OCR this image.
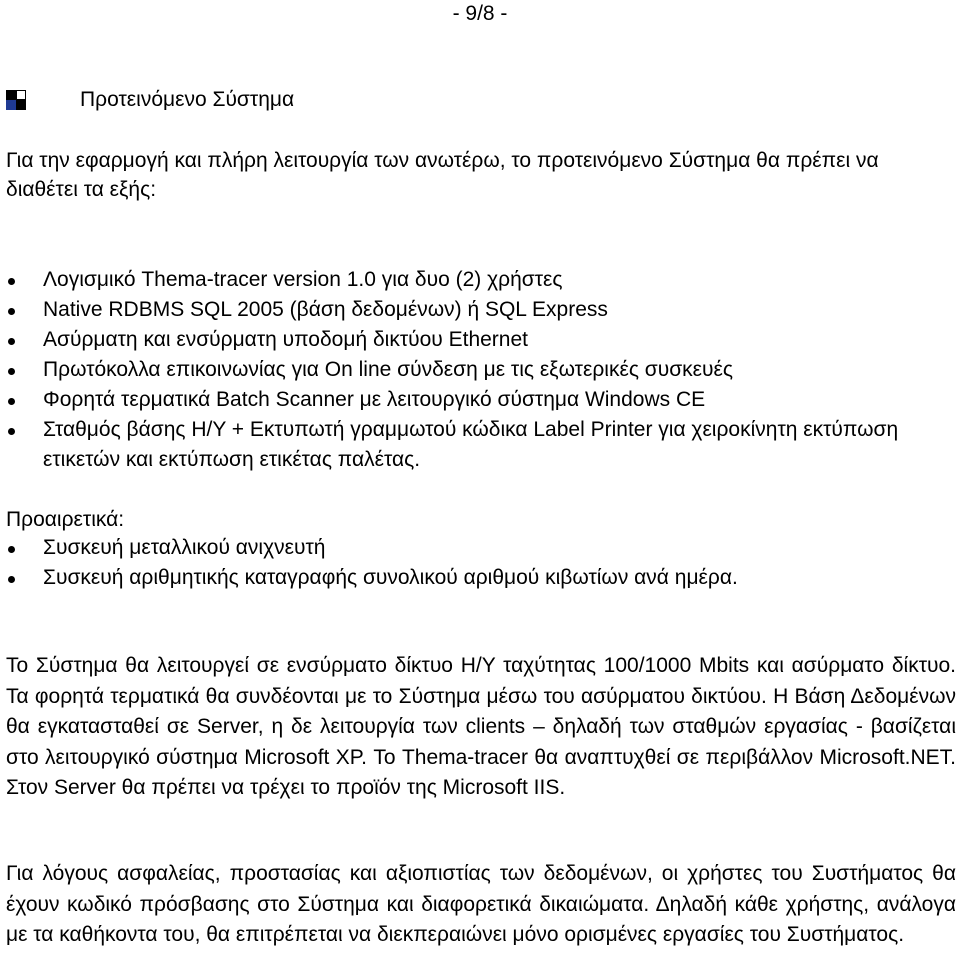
- 9/8 -
Προτεινόμενο Σύστημα
Για την εφαρμογή και πλήρη λειτουργία των ανωτέρω, το προτεινόμενο Σύστημα θα πρέπει να διαθέτει τα εξής:
Λογισμικό Thema-tracer version 1.0 για δυο (2) χρήστες
Native RDBMS SQL 2005 (βάση δεδομένων) ή SQL Express
Ασύρματη και ενσύρματη υποδομή δικτύου Ethernet
Πρωτόκολλα επικοινωνίας για On line σύνδεση με τις εξωτερικές συσκευές
Φορητά τερματικά Batch Scanner με λειτουργικό σύστημα Windows CE
Σταθμός βάσης Η/Υ + Εκτυπωτή γραμμωτού κώδικα Label Printer για χειροκίνητη εκτύπωση ετικετών και εκτύπωση ετικέτας παλέτας.
Προαιρετικά:
Συσκευή μεταλλικού ανιχνευτή
Συσκευή αριθμητικής καταγραφής συνολικού αριθμού κιβωτίων ανά ημέρα.
Το Σύστημα θα λειτουργεί σε ενσύρματο δίκτυο Η/Υ ταχύτητας 100/1000 Mbits και ασύρματο δίκτυο. Τα φορητά τερματικά θα συνδέονται με το Σύστημα μέσω του ασύρματου δικτύου. Η Βάση Δεδομένων θα εγκατασταθεί σε Server, η δε λειτουργία των clients – δηλαδή των σταθμών εργασίας - βασίζεται στο λειτουργικό σύστημα Microsoft XP. Το Thema-tracer θα αναπτυχθεί σε περιβάλλον Microsoft.NET. Στον Server θα πρέπει να τρέχει το προϊόν της Microsoft IIS.
Για λόγους ασφαλείας, προστασίας και αξιοπιστίας των δεδομένων, οι χρήστες του Συστήματος θα έχουν κωδικό πρόσβασης στο Σύστημα και διαφορετικά δικαιώματα. Δηλαδή κάθε χρήστης, ανάλογα με τα καθήκοντα του, θα επιτρέπεται να διεκπεραιώνει μόνο ορισμένες εργασίες του Συστήματος.
